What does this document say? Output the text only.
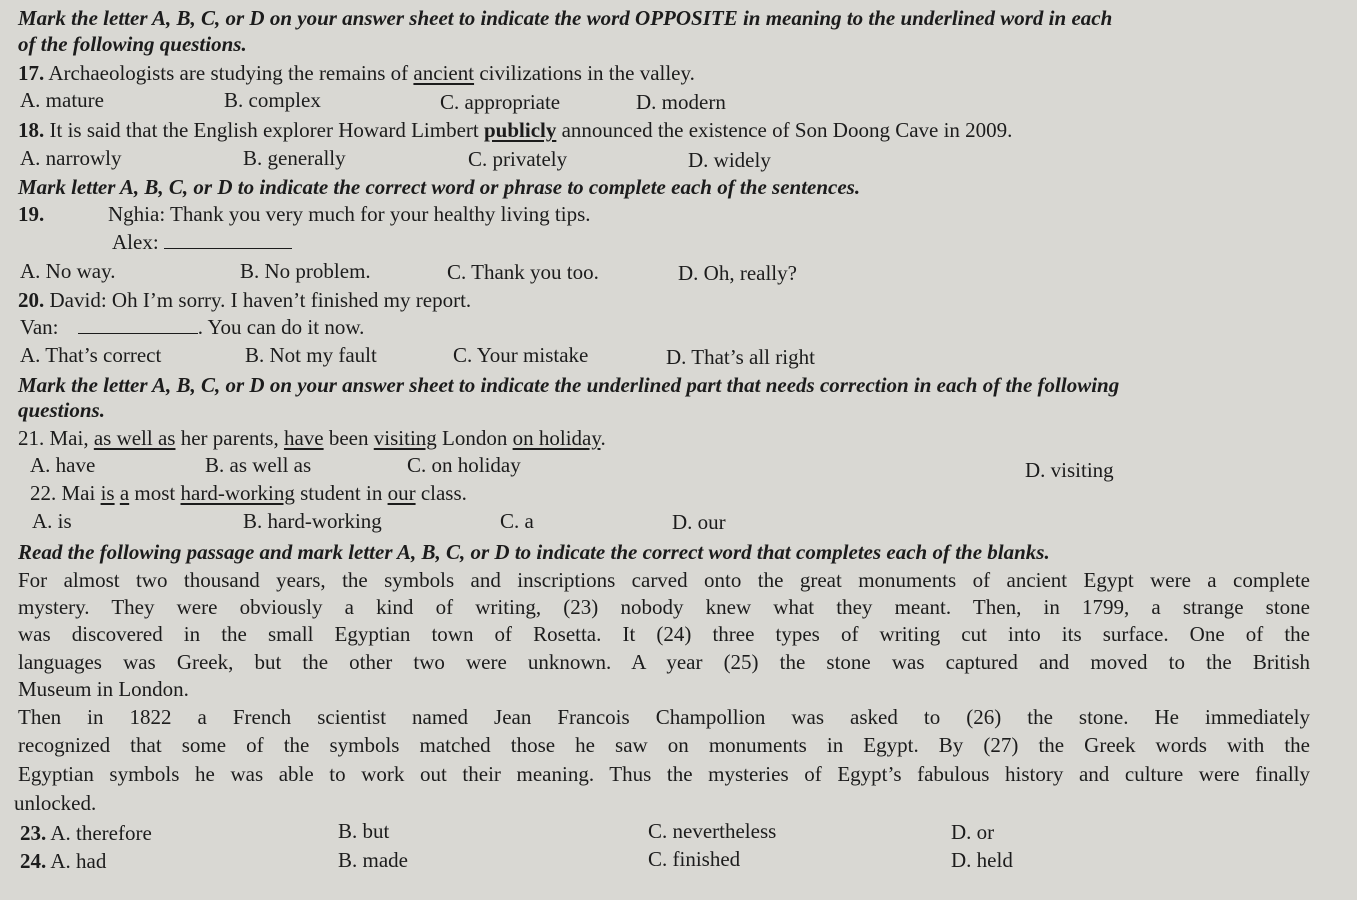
Mark the letter A, B, C, or D on your answer sheet to indicate the word OPPOSITE in meaning to the underlined word in each
of the following questions.
17. Archaeologists are studying the remains of ancient civilizations in the valley.
A. mature	B. complex	C. appropriate	D. modern
18. It is said that the English explorer Howard Limbert publicly announced the existence of Son Doong Cave in 2009.
A. narrowly	B. generally	C. privately	D. widely
Mark letter A, B, C, or D to indicate the correct word or phrase to complete each of the sentences.
19.	Nghia: Thank you very much for your healthy living tips.
Alex:
A. No way.	B. No problem.	C. Thank you too.	D. Oh, really?
20. David: Oh I’m sorry. I haven’t finished my report.
Van:	. You can do it now.
A. That’s correct	B. Not my fault	C. Your mistake	D. That’s all right
Mark the letter A, B, C, or D on your answer sheet to indicate the underlined part that needs correction in each of the following
questions.
21. Mai, as well as her parents, have been visiting London on holiday.
A. have	B. as well as	C. on holiday	D. visiting
22. Mai is a most hard-working student in our class.
A. is	B. hard-working	C. a	D. our
Read the following passage and mark letter A, B, C, or D to indicate the correct word that completes each of the blanks.
For almost two thousand years, the symbols and inscriptions carved onto the great monuments of ancient Egypt were a complete
mystery. They were obviously a kind of writing, (23) nobody knew what they meant. Then, in 1799, a strange stone
was discovered in the small Egyptian town of Rosetta. It (24) three types of writing cut into its surface. One of the
languages was Greek, but the other two were unknown. A year (25) the stone was captured and moved to the British
Museum in London.
Then in 1822 a French scientist named Jean Francois Champollion was asked to (26) the stone. He immediately
recognized that some of the symbols matched those he saw on monuments in Egypt. By (27) the Greek words with the
Egyptian symbols he was able to work out their meaning. Thus the mysteries of Egypt’s fabulous history and culture were finally
unlocked.
23. A. therefore	B. but	C. nevertheless	D. or
24. A. had	B. made	C. finished	D. held
